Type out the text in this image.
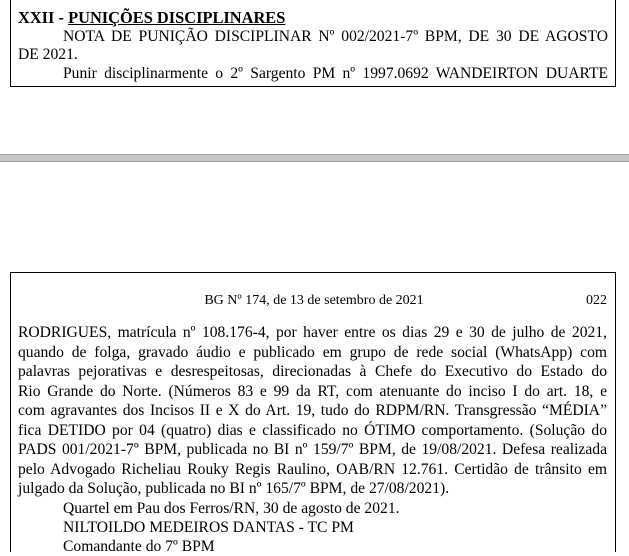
XXII - PUNIÇÕES DISCIPLINARES
NOTA DE PUNIÇÃO DISCIPLINAR Nº 002/2021-7º BPM, DE 30 DE AGOSTO
DE 2021.
Punir disciplinarmente o 2º Sargento PM nº 1997.0692 WANDEIRTON DUARTE
BG Nº 174, de 13 de setembro de 2021	022
RODRIGUES, matrícula nº 108.176-4, por haver entre os dias 29 e 30 de julho de 2021,
quando de folga, gravado áudio e publicado em grupo de rede social (WhatsApp) com
palavras pejorativas e desrespeitosas, direcionadas à Chefe do Executivo do Estado do
Rio Grande do Norte. (Números 83 e 99 da RT, com atenuante do inciso I do art. 18, e
com agravantes dos Incisos II e X do Art. 19, tudo do RDPM/RN. Transgressão “MÉDIA”
fica DETIDO por 04 (quatro) dias e classificado no ÓTIMO comportamento. (Solução do
PADS 001/2021-7º BPM, publicada no BI nº 159/7º BPM, de 19/08/2021. Defesa realizada
pelo Advogado Richeliau Rouky Regis Raulino, OAB/RN 12.761. Certidão de trânsito em
julgado da Solução, publicada no BI nº 165/7º BPM, de 27/08/2021).
Quartel em Pau dos Ferros/RN, 30 de agosto de 2021.
NILTOILDO MEDEIROS DANTAS - TC PM
Comandante do 7º BPM
